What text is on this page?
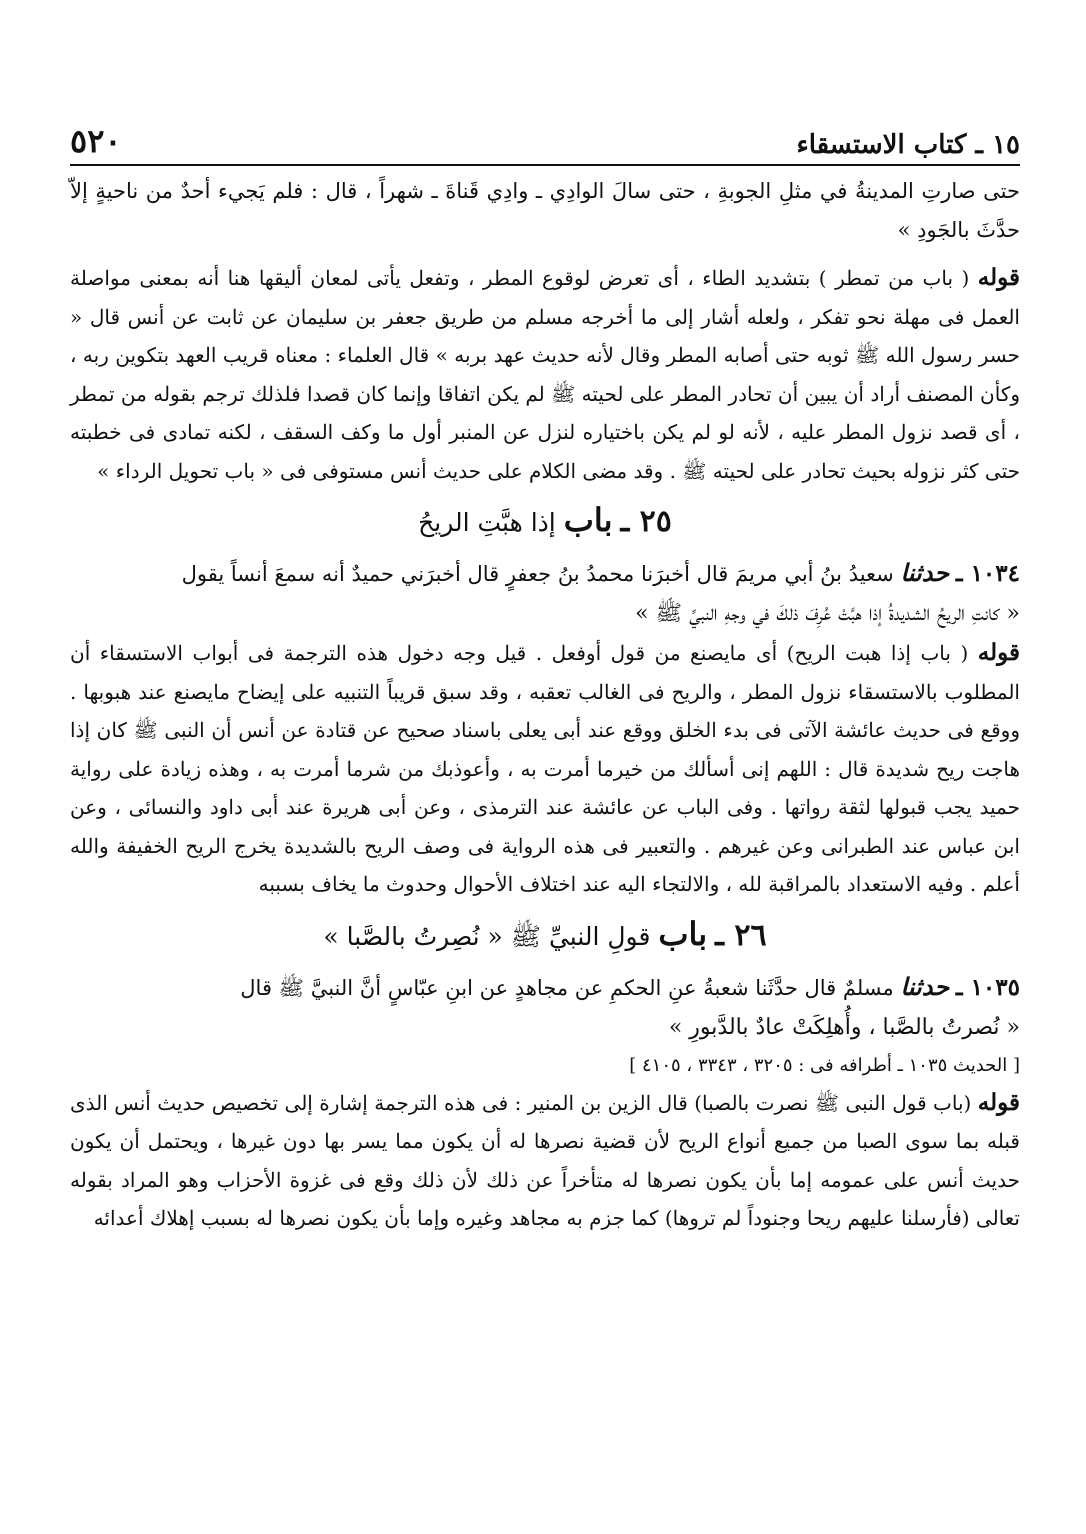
١٥ ـ كتاب الاستسقاء
٥٢٠

حتى صارتِ المدينةُ في مثلِ الجوبةِ ، حتى سالَ الوادِي ـ وادِي قَناةَ ـ شهراً ، قال : فلم يَجيء أحدٌ من ناحيةٍ إلاّ حدَّثَ بالجَودِ »

قوله ( باب من تمطر ) بتشديد الطاء ، أى تعرض لوقوع المطر ، وتفعل يأتى لمعان أليقها هنا أنه بمعنى مواصلة العمل فى مهلة نحو تفكر ، ولعله أشار إلى ما أخرجه مسلم من طريق جعفر بن سليمان عن ثابت عن أنس قال « حسر رسول الله ﷺ ثوبه حتى أصابه المطر وقال لأنه حديث عهد بربه » قال العلماء : معناه قريب العهد بتكوين ربه ، وكأن المصنف أراد أن يبين أن تحادر المطر على لحيته ﷺ لم يكن اتفاقا وإنما كان قصدا فلذلك ترجم بقوله من تمطر ، أى قصد نزول المطر عليه ، لأنه لو لم يكن باختياره لنزل عن المنبر أول ما وكف السقف ، لكنه تمادى فى خطبته حتى كثر نزوله بحيث تحادر على لحيته ﷺ . وقد مضى الكلام على حديث أنس مستوفى فى « باب تحويل الرداء »

٢٥ ـ باب إذا هبَّتِ الريحُ

١٠٣٤ ـ حدثنا سعيدُ بنُ أبي مريمَ قال أخبرَنا محمدُ بنُ جعفرٍ قال أخبرَني حميدٌ أنه سمعَ أنساً يقول

« كانتِ الريحُ الشديدةُ إذا هبَّتْ عُرِفَ ذلكَ في وجهِ النبيِّ ﷺ »

قوله ( باب إذا هبت الريح) أى مايصنع من قول أوفعل . قيل وجه دخول هذه الترجمة فى أبواب الاستسقاء أن المطلوب بالاستسقاء نزول المطر ، والريح فى الغالب تعقبه ، وقد سبق قريباً التنبيه على إيضاح مايصنع عند هبوبها . ووقع فى حديث عائشة الآتى فى بدء الخلق ووقع عند أبى يعلى باسناد صحيح عن قتادة عن أنس أن النبى ﷺ كان إذا هاجت ريح شديدة قال : اللهم إنى أسألك من خيرما أمرت به ، وأعوذبك من شرما أمرت به ، وهذه زيادة على رواية حميد يجب قبولها لثقة رواتها . وفى الباب عن عائشة عند الترمذى ، وعن أبى هريرة عند أبى داود والنسائى ، وعن ابن عباس عند الطبرانى وعن غيرهم . والتعبير فى هذه الرواية فى وصف الريح بالشديدة يخرج الريح الخفيفة والله أعلم . وفيه الاستعداد بالمراقبة لله ، والالتجاء اليه عند اختلاف الأحوال وحدوث ما يخاف بسببه

٢٦ ـ باب قولِ النبيِّ ﷺ « نُصِرتُ بالصَّبا »

١٠٣٥ ـ حدثنا مسلمٌ قال حدَّثَنا شعبةُ عنِ الحكمِ عن مجاهدٍ عن ابنِ عبّاسٍ أنَّ النبيَّ ﷺ قال

« نُصرتُ بالصَّبا ، وأُهلِكَتْ عادٌ بالدَّبورِ »

[ الحديث ١٠٣٥ ـ أطرافه فى : ٣٢٠٥ ، ٣٣٤٣ ، ٤١٠٥ ]

قوله (باب قول النبى ﷺ نصرت بالصبا) قال الزين بن المنير : فى هذه الترجمة إشارة إلى تخصيص حديث أنس الذى قبله بما سوى الصبا من جميع أنواع الريح لأن قضية نصرها له أن يكون مما يسر بها دون غيرها ، ويحتمل أن يكون حديث أنس على عمومه إما بأن يكون نصرها له متأخراً عن ذلك لأن ذلك وقع فى غزوة الأحزاب وهو المراد بقوله تعالى (فأرسلنا عليهم ريحا وجنوداً لم تروها) كما جزم به مجاهد وغيره وإما بأن يكون نصرها له بسبب إهلاك أعدائه
